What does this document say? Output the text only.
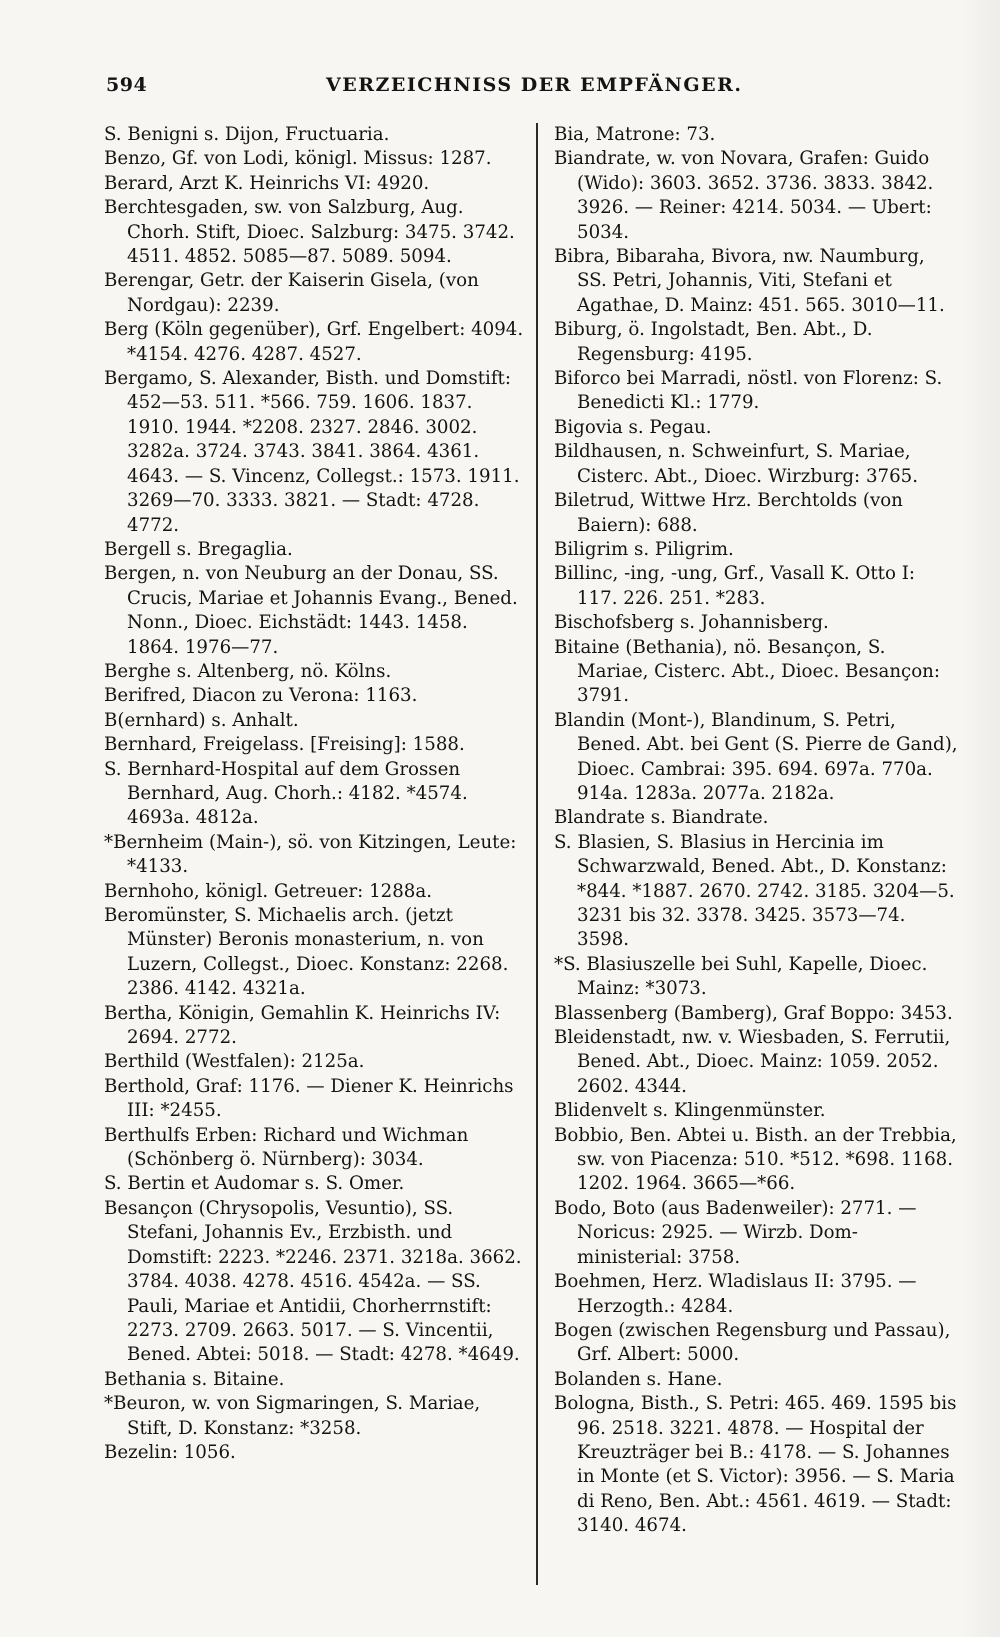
594	VERZEICHNISS DER EMPFÄNGER.

S. Benigni s. Dijon, Fructuaria.

Benzo, Gf. von Lodi, königl. Missus: 1287.

Berard, Arzt K. Heinrichs VI: 4920.

Berchtesgaden, sw. von Salzburg, Aug. Chorh. Stift, Dioec. Salzburg: 3475. 3742. 4511. 4852. 5085—87. 5089. 5094.

Berengar, Getr. der Kaiserin Gisela, (von Nordgau): 2239.

Berg (Köln gegenüber), Grf. Engelbert: 4094. *4154. 4276. 4287. 4527.

Bergamo, S. Alexander, Bisth. und Domstift: 452—53. 511. *566. 759. 1606. 1837. 1910. 1944. *2208. 2327. 2846. 3002. 3282a. 3724. 3743. 3841. 3864. 4361. 4643. — S. Vincenz, Collegst.: 1573. 1911. 3269—70. 3333. 3821. — Stadt: 4728. 4772.

Bergell s. Bregaglia.

Bergen, n. von Neuburg an der Donau, SS. Crucis, Mariae et Johannis Evang., Bened. Nonn., Dioec. Eichstädt: 1443. 1458. 1864. 1976—77.

Berghe s. Altenberg, nö. Kölns.

Berifred, Diacon zu Verona: 1163.

B(ernhard) s. Anhalt.

Bernhard, Freigelass. [Freising]: 1588.

S. Bernhard-Hospital auf dem Grossen Bernhard, Aug. Chorh.: 4182. *4574. 4693a. 4812a.

*Bernheim (Main-), sö. von Kitzingen, Leute: *4133.

Bernhoho, königl. Getreuer: 1288a.

Beromünster, S. Michaelis arch. (jetzt Münster) Beronis monasterium, n. von Luzern, Collegst., Dioec. Konstanz: 2268. 2386. 4142. 4321a.

Bertha, Königin, Gemahlin K. Heinrichs IV: 2694. 2772.

Berthild (Westfalen): 2125a.

Berthold, Graf: 1176. — Diener K. Heinrichs III: *2455.

Berthulfs Erben: Richard und Wichman (Schönberg ö. Nürnberg): 3034.

S. Bertin et Audomar s. S. Omer.

Besançon (Chrysopolis, Vesuntio), SS. Stefani, Johannis Ev., Erzbisth. und Domstift: 2223. *2246. 2371. 3218a. 3662. 3784. 4038. 4278. 4516. 4542a. — SS. Pauli, Mariae et Antidii, Chorherrnstift: 2273. 2709. 2663. 5017. — S. Vincentii, Bened. Abtei: 5018. — Stadt: 4278. *4649.

Bethania s. Bitaine.

*Beuron, w. von Sigmaringen, S. Mariae, Stift, D. Konstanz: *3258.

Bezelin: 1056.

Bia, Matrone: 73.

Biandrate, w. von Novara, Grafen: Guido (Wido): 3603. 3652. 3736. 3833. 3842. 3926. — Reiner: 4214. 5034. — Ubert: 5034.

Bibra, Bibaraha, Bivora, nw. Naumburg, SS. Petri, Johannis, Viti, Stefani et Agathae, D. Mainz: 451. 565. 3010—11.

Biburg, ö. Ingolstadt, Ben. Abt., D. Regensburg: 4195.

Biforco bei Marradi, nöstl. von Florenz: S. Benedicti Kl.: 1779.

Bigovia s. Pegau.

Bildhausen, n. Schweinfurt, S. Mariae, Cisterc. Abt., Dioec. Wirzburg: 3765.

Biletrud, Wittwe Hrz. Berchtolds (von Baiern): 688.

Biligrim s. Piligrim.

Billinc, -ing, -ung, Grf., Vasall K. Otto I: 117. 226. 251. *283.

Bischofsberg s. Johannisberg.

Bitaine (Bethania), nö. Besançon, S. Mariae, Cisterc. Abt., Dioec. Besançon: 3791.

Blandin (Mont-), Blandinum, S. Petri, Bened. Abt. bei Gent (S. Pierre de Gand), Dioec. Cambrai: 395. 694. 697a. 770a. 914a. 1283a. 2077a. 2182a.

Blandrate s. Biandrate.

S. Blasien, S. Blasius in Hercinia im Schwarzwald, Bened. Abt., D. Konstanz: *844. *1887. 2670. 2742. 3185. 3204—5. 3231 bis 32. 3378. 3425. 3573—74. 3598.

*S. Blasiuszelle bei Suhl, Kapelle, Dioec. Mainz: *3073.

Blassenberg (Bamberg), Graf Boppo: 3453.

Bleidenstadt, nw. v. Wiesbaden, S. Ferrutii, Bened. Abt., Dioec. Mainz: 1059. 2052. 2602. 4344.

Blidenvelt s. Klingenmünster.

Bobbio, Ben. Abtei u. Bisth. an der Trebbia, sw. von Piacenza: 510. *512. *698. 1168. 1202. 1964. 3665—*66.

Bodo, Boto (aus Badenweiler): 2771. — Noricus: 2925. — Wirzb. Dom-ministerial: 3758.

Boehmen, Herz. Wladislaus II: 3795. — Herzogth.: 4284.

Bogen (zwischen Regensburg und Passau), Grf. Albert: 5000.

Bolanden s. Hane.

Bologna, Bisth., S. Petri: 465. 469. 1595 bis 96. 2518. 3221. 4878. — Hospital der Kreuzträger bei B.: 4178. — S. Johannes in Monte (et S. Victor): 3956. — S. Maria di Reno, Ben. Abt.: 4561. 4619. — Stadt: 3140. 4674.
